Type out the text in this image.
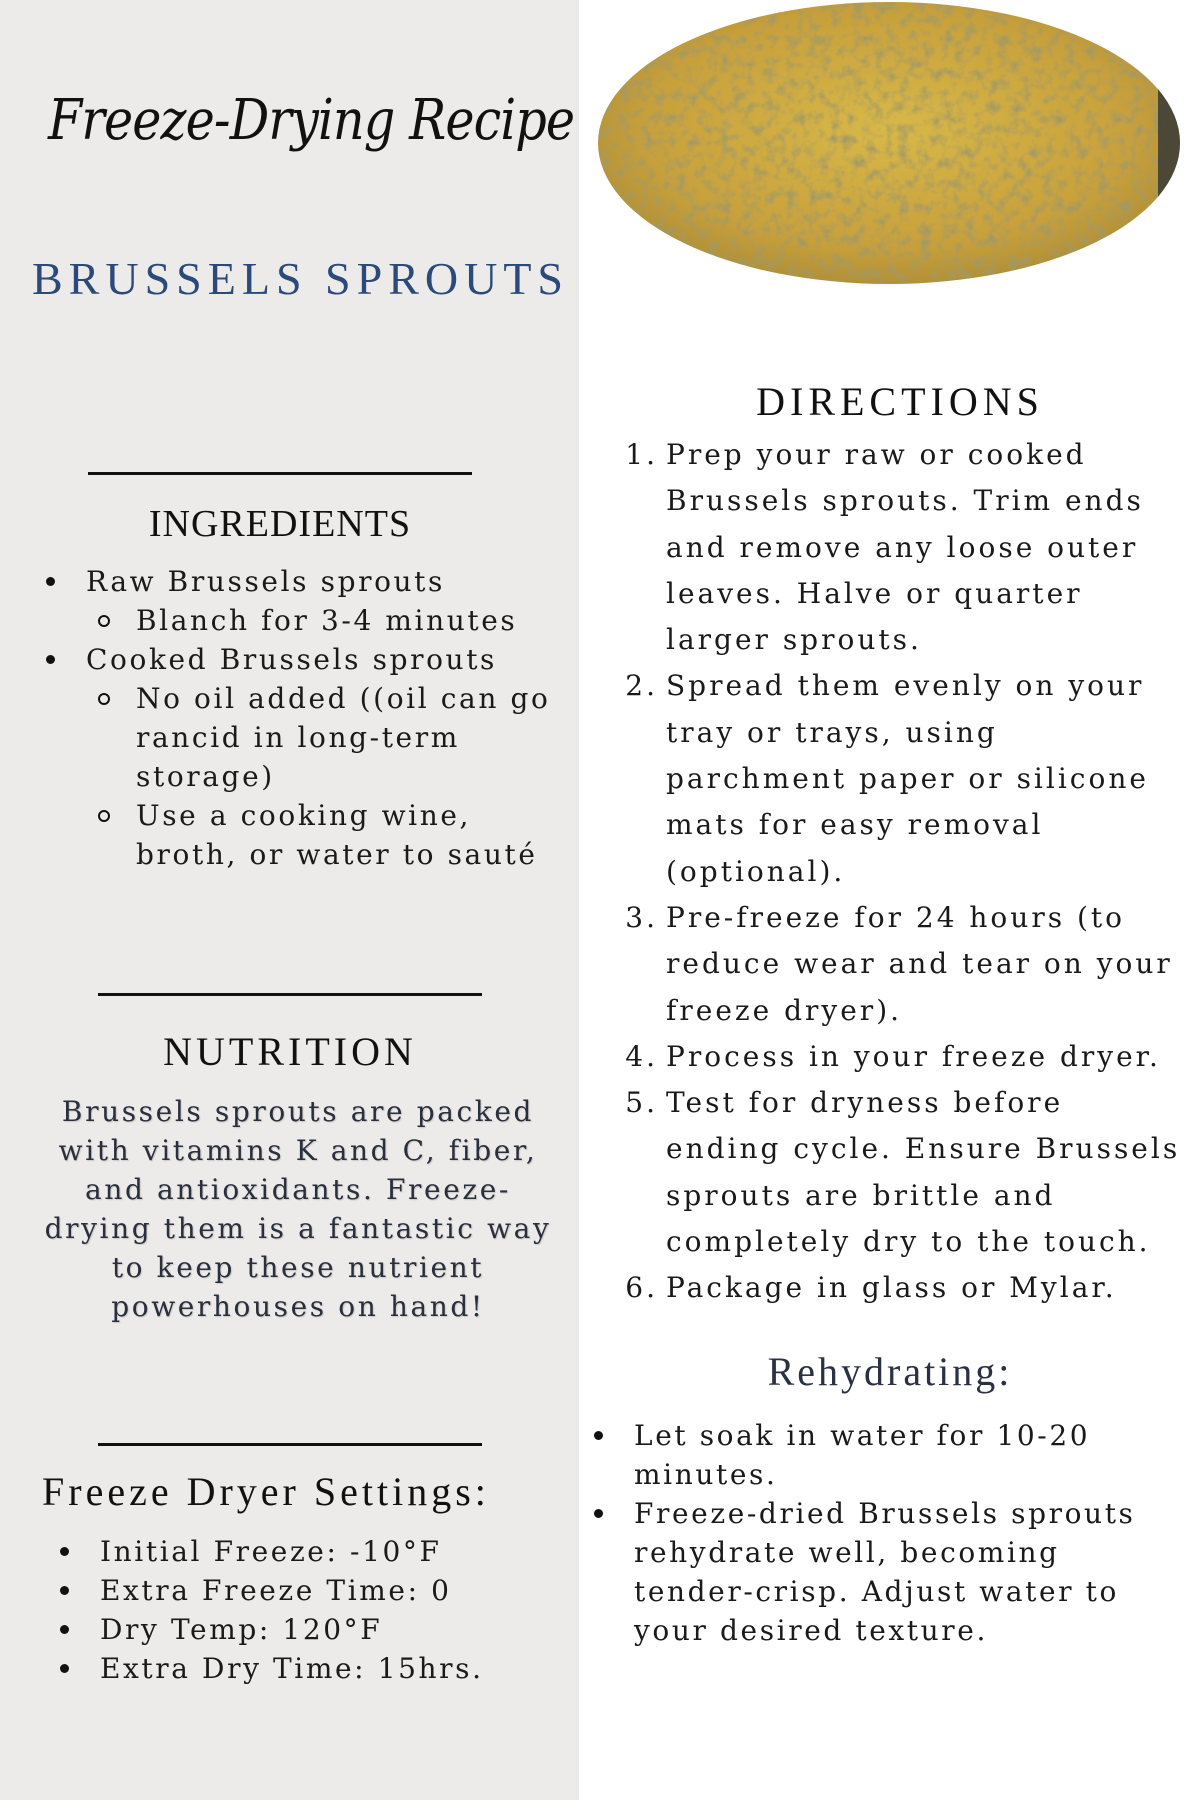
Freeze-Drying Recipe
BRUSSELS SPROUTS
INGREDIENTS
Raw Brussels sprouts
Blanch for 3-4 minutes
Cooked Brussels sprouts
No oil added ((oil can go rancid in long-term storage)
Use a cooking wine, broth, or water to sauté
NUTRITION
Brussels sprouts are packed with vitamins K and C, fiber, and antioxidants. Freeze-drying them is a fantastic way to keep these nutrient powerhouses on hand!
Freeze Dryer Settings:
Initial Freeze: -10°F
Extra Freeze Time: 0
Dry Temp: 120°F
Extra Dry Time: 15hrs.
DIRECTIONS
1. Prep your raw or cooked Brussels sprouts. Trim ends and remove any loose outer leaves. Halve or quarter larger sprouts.
2. Spread them evenly on your tray or trays, using parchment paper or silicone mats for easy removal (optional).
3. Pre-freeze for 24 hours (to reduce wear and tear on your freeze dryer).
4. Process in your freeze dryer.
5. Test for dryness before ending cycle. Ensure Brussels sprouts are brittle and completely dry to the touch.
6. Package in glass or Mylar.
Rehydrating:
Let soak in water for 10-20 minutes.
Freeze-dried Brussels sprouts rehydrate well, becoming tender-crisp. Adjust water to your desired texture.
